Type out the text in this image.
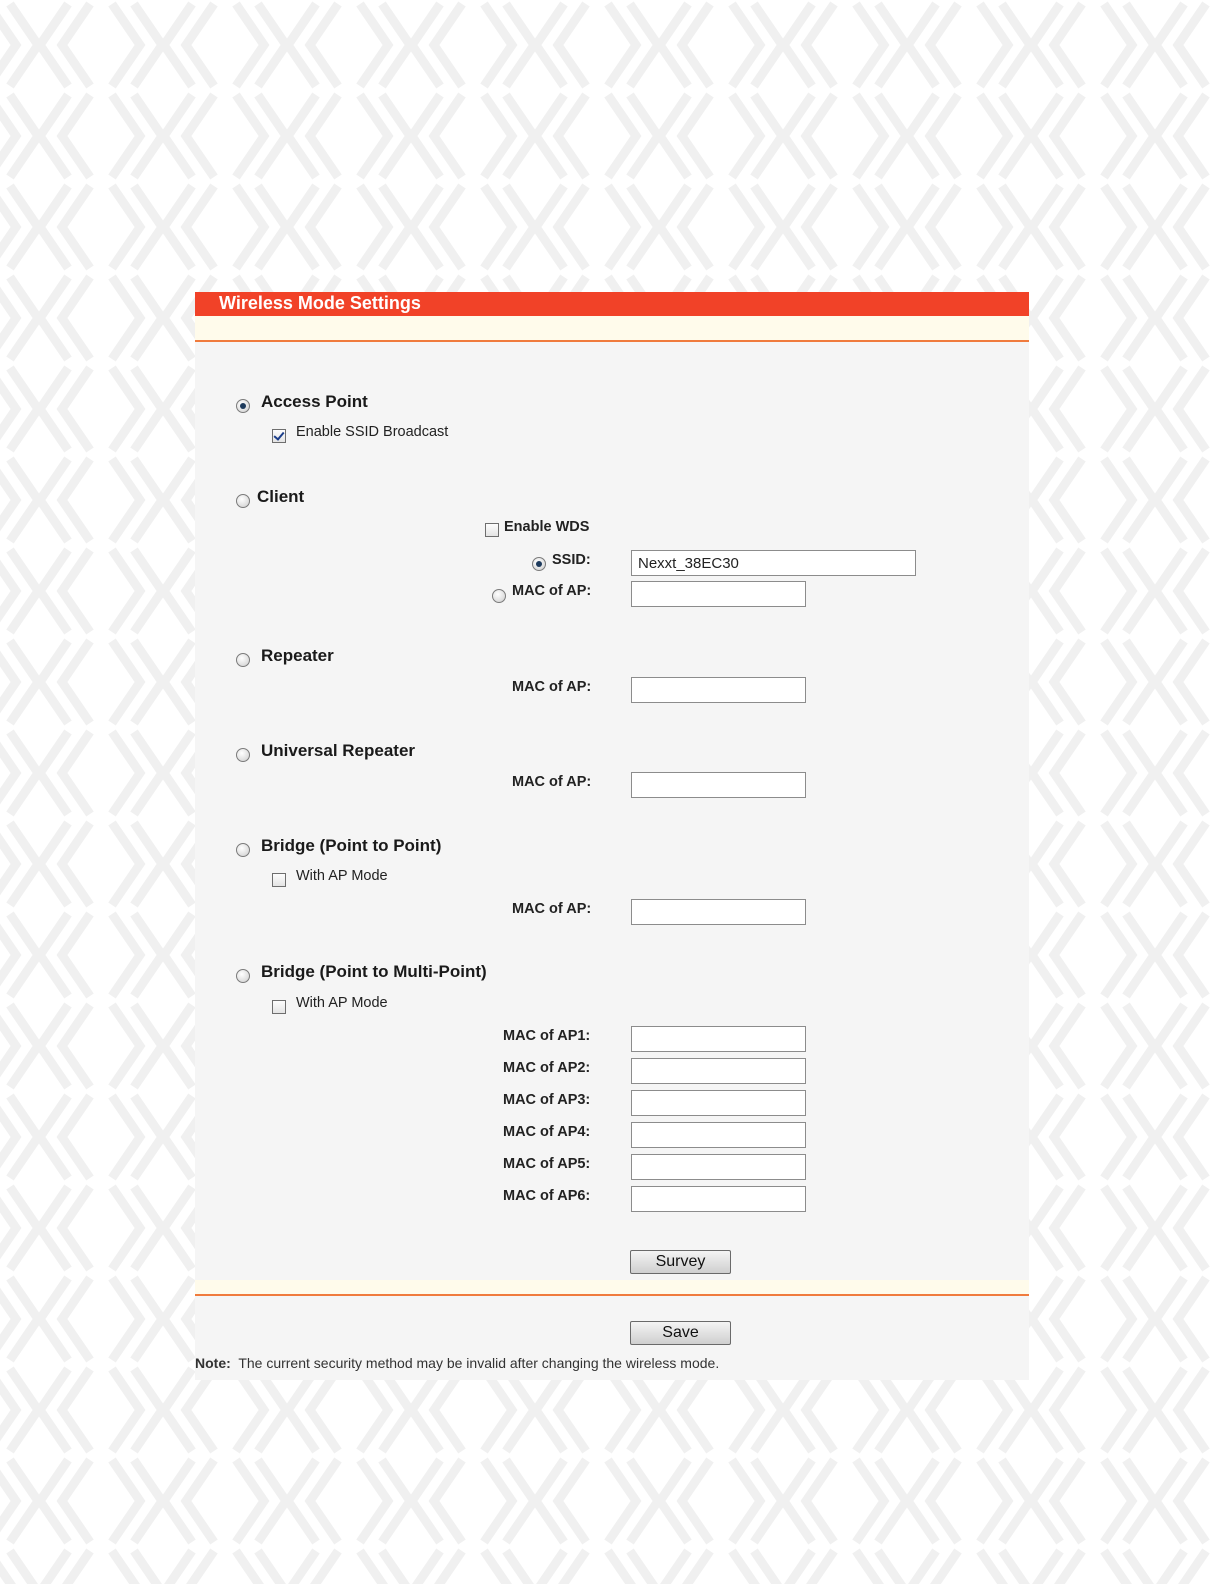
Wireless Mode Settings
Access Point
Enable SSID Broadcast
Client
Enable WDS
SSID:
Nexxt_38EC30
MAC of AP:
Repeater
MAC of AP:
Universal Repeater
MAC of AP:
Bridge (Point to Point)
With AP Mode
MAC of AP:
Bridge (Point to Multi-Point)
With AP Mode
MAC of AP1:
MAC of AP2:
MAC of AP3:
MAC of AP4:
MAC of AP5:
MAC of AP6:
Survey
Save
Note: The current security method may be invalid after changing the wireless mode.
